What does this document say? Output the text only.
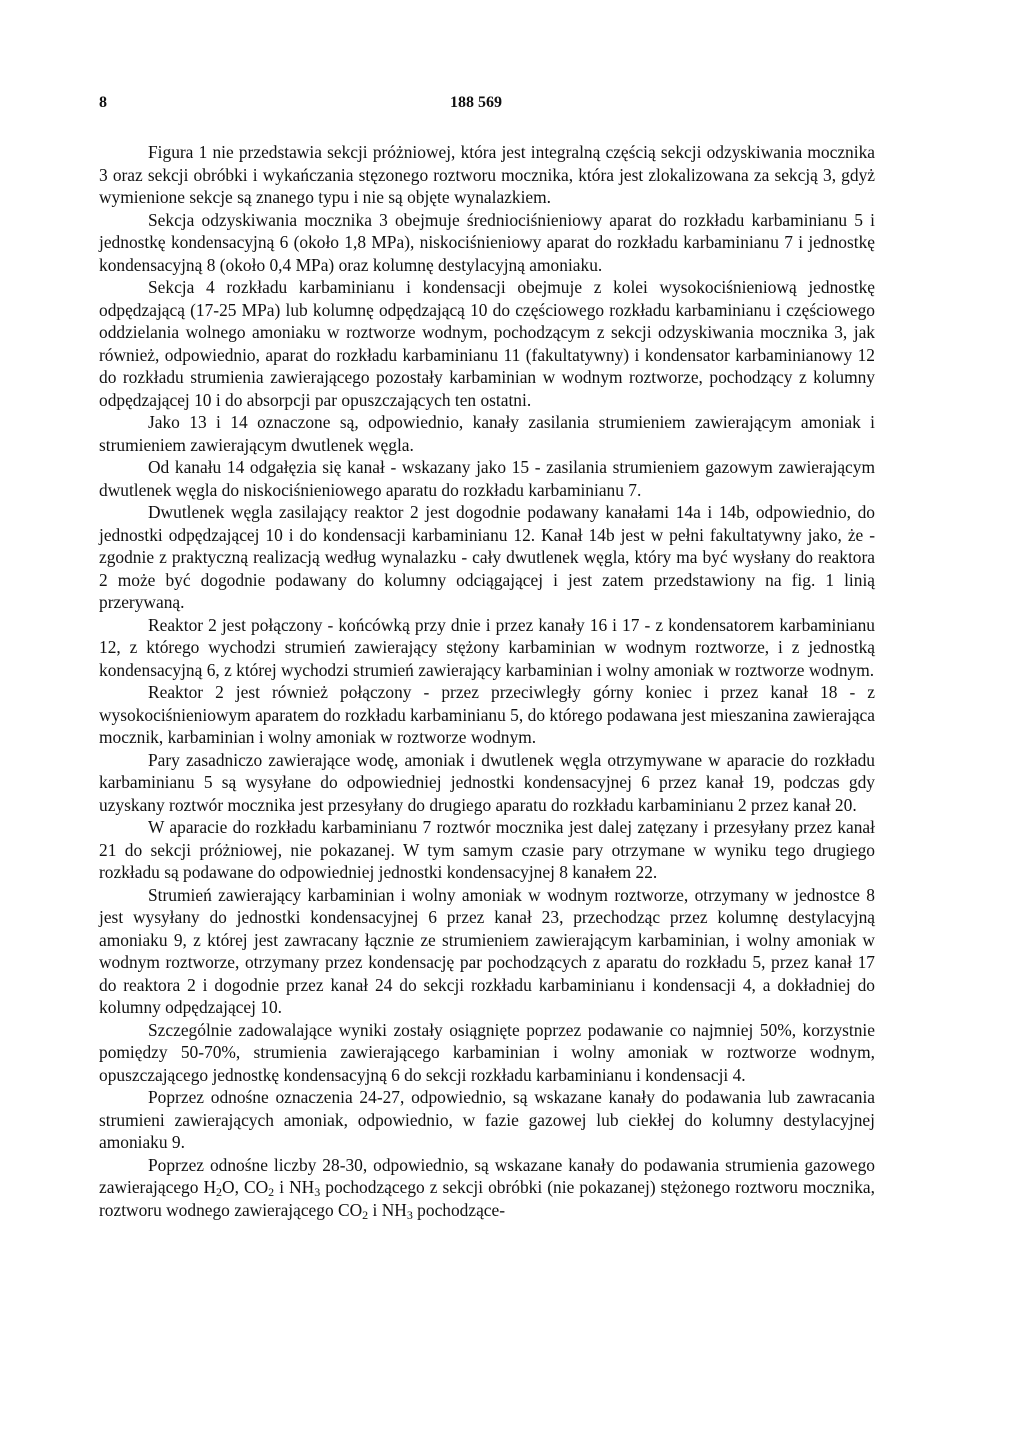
8	188 569

Figura 1 nie przedstawia sekcji próżniowej, która jest integralną częścią sekcji odzyskiwania mocznika 3 oraz sekcji obróbki i wykańczania stęzonego roztworu mocznika, która jest zlokalizowana za sekcją 3, gdyż wymienione sekcje są znanego typu i nie są objęte wynalazkiem.

Sekcja odzyskiwania mocznika 3 obejmuje średniociśnieniowy aparat do rozkładu karbaminianu 5 i jednostkę kondensacyjną 6 (około 1,8 MPa), niskociśnieniowy aparat do rozkładu karbaminianu 7 i jednostkę kondensacyjną 8 (około 0,4 MPa) oraz kolumnę destylacyjną amoniaku.

Sekcja 4 rozkładu karbaminianu i kondensacji obejmuje z kolei wysokociśnieniową jednostkę odpędzającą (17-25 MPa) lub kolumnę odpędzającą 10 do częściowego rozkładu karbaminianu i częściowego oddzielania wolnego amoniaku w roztworze wodnym, pochodzącym z sekcji odzyskiwania mocznika 3, jak również, odpowiednio, aparat do rozkładu karbaminianu 11 (fakultatywny) i kondensator karbaminianowy 12 do rozkładu strumienia zawierającego pozostały karbaminian w wodnym roztworze, pochodzący z kolumny odpędzającej 10 i do absorpcji par opuszczających ten ostatni.

Jako 13 i 14 oznaczone są, odpowiednio, kanały zasilania strumieniem zawierającym amoniak i strumieniem zawierającym dwutlenek węgla.

Od kanału 14 odgałęzia się kanał - wskazany jako 15 - zasilania strumieniem gazowym zawierającym dwutlenek węgla do niskociśnieniowego aparatu do rozkładu karbaminianu 7.

Dwutlenek węgla zasilający reaktor 2 jest dogodnie podawany kanałami 14a i 14b, odpowiednio, do jednostki odpędzającej 10 i do kondensacji karbaminianu 12. Kanał 14b jest w pełni fakultatywny jako, że - zgodnie z praktyczną realizacją według wynalazku - cały dwutlenek węgla, który ma być wysłany do reaktora 2 może być dogodnie podawany do kolumny odciągającej i jest zatem przedstawiony na fig. 1 linią przerywaną.

Reaktor 2 jest połączony - końcówką przy dnie i przez kanały 16 i 17 - z kondensatorem karbaminianu 12, z którego wychodzi strumień zawierający stężony karbaminian w wodnym roztworze, i z jednostką kondensacyjną 6, z której wychodzi strumień zawierający karbaminian i wolny amoniak w roztworze wodnym.

Reaktor 2 jest również połączony - przez przeciwległy górny koniec i przez kanał 18 - z wysokociśnieniowym aparatem do rozkładu karbaminianu 5, do którego podawana jest mieszanina zawierająca mocznik, karbaminian i wolny amoniak w roztworze wodnym.

Pary zasadniczo zawierające wodę, amoniak i dwutlenek węgla otrzymywane w aparacie do rozkładu karbaminianu 5 są wysyłane do odpowiedniej jednostki kondensacyjnej 6 przez kanał 19, podczas gdy uzyskany roztwór mocznika jest przesyłany do drugiego aparatu do rozkładu karbaminianu 2 przez kanał 20.

W aparacie do rozkładu karbaminianu 7 roztwór mocznika jest dalej zatęzany i przesyłany przez kanał 21 do sekcji próżniowej, nie pokazanej. W tym samym czasie pary otrzymane w wyniku tego drugiego rozkładu są podawane do odpowiedniej jednostki kondensacyjnej 8 kanałem 22.

Strumień zawierający karbaminian i wolny amoniak w wodnym roztworze, otrzymany w jednostce 8 jest wysyłany do jednostki kondensacyjnej 6 przez kanał 23, przechodząc przez kolumnę destylacyjną amoniaku 9, z której jest zawracany łącznie ze strumieniem zawierającym karbaminian, i wolny amoniak w wodnym roztworze, otrzymany przez kondensację par pochodzących z aparatu do rozkładu 5, przez kanał 17 do reaktora 2 i dogodnie przez kanał 24 do sekcji rozkładu karbaminianu i kondensacji 4, a dokładniej do kolumny odpędzającej 10.

Szczególnie zadowalające wyniki zostały osiągnięte poprzez podawanie co najmniej 50%, korzystnie pomiędzy 50-70%, strumienia zawierającego karbaminian i wolny amoniak w roztworze wodnym, opuszczającego jednostkę kondensacyjną 6 do sekcji rozkładu karbaminianu i kondensacji 4.

Poprzez odnośne oznaczenia 24-27, odpowiednio, są wskazane kanały do podawania lub zawracania strumieni zawierających amoniak, odpowiednio, w fazie gazowej lub ciekłej do kolumny destylacyjnej amoniaku 9.

Poprzez odnośne liczby 28-30, odpowiednio, są wskazane kanały do podawania strumienia gazowego zawierającego $H_2O$, $CO_2$ i $NH_3$ pochodzącego z sekcji obróbki (nie pokazanej) stężonego roztworu mocznika, roztworu wodnego zawierającego $CO_2$ i $NH_3$ pochodzące-
